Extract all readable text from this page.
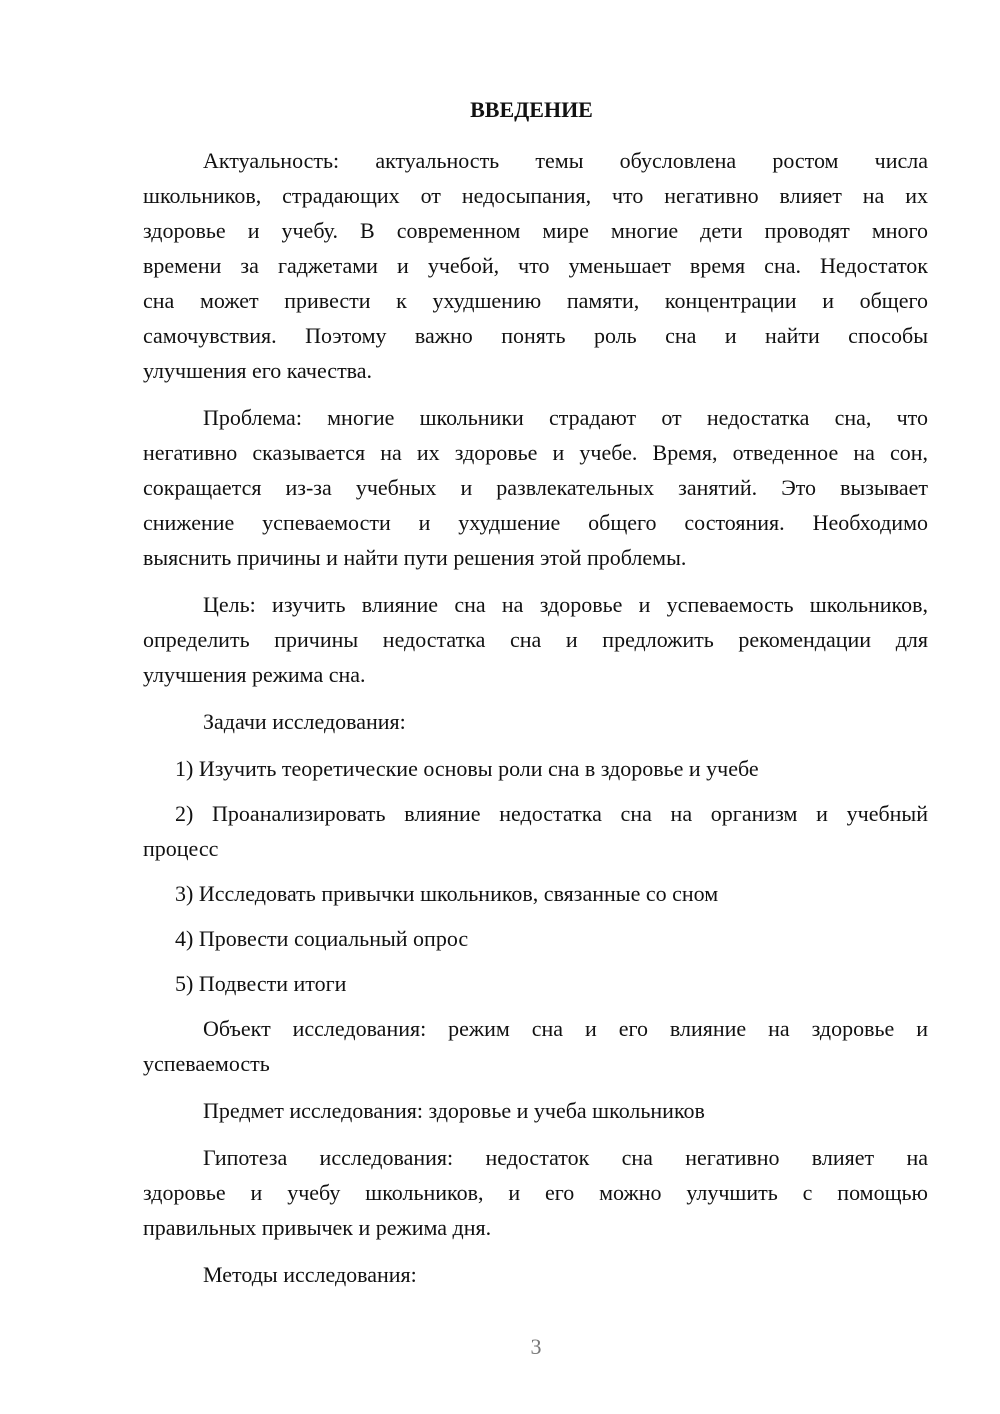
ВВЕДЕНИЕ
Актуальность: актуальность темы обусловлена ростом числа
школьников, страдающих от недосыпания, что негативно влияет на их
здоровье и учебу. В современном мире многие дети проводят много
времени за гаджетами и учебой, что уменьшает время сна. Недостаток
сна может привести к ухудшению памяти, концентрации и общего
самочувствия. Поэтому важно понять роль сна и найти способы
улучшения его качества.
Проблема: многие школьники страдают от недостатка сна, что
негативно сказывается на их здоровье и учебе. Время, отведенное на сон,
сокращается из-за учебных и развлекательных занятий. Это вызывает
снижение успеваемости и ухудшение общего состояния. Необходимо
выяснить причины и найти пути решения этой проблемы.
Цель: изучить влияние сна на здоровье и успеваемость школьников,
определить причины недостатка сна и предложить рекомендации для
улучшения режима сна.
Задачи исследования:
1) Изучить теоретические основы роли сна в здоровье и учебе
2) Проанализировать влияние недостатка сна на организм и учебный
процесс
3) Исследовать привычки школьников, связанные со сном
4) Провести социальный опрос
5) Подвести итоги
Объект исследования: режим сна и его влияние на здоровье и
успеваемость
Предмет исследования: здоровье и учеба школьников
Гипотеза исследования: недостаток сна негативно влияет на
здоровье и учебу школьников, и его можно улучшить с помощью
правильных привычек и режима дня.
Методы исследования:
3
